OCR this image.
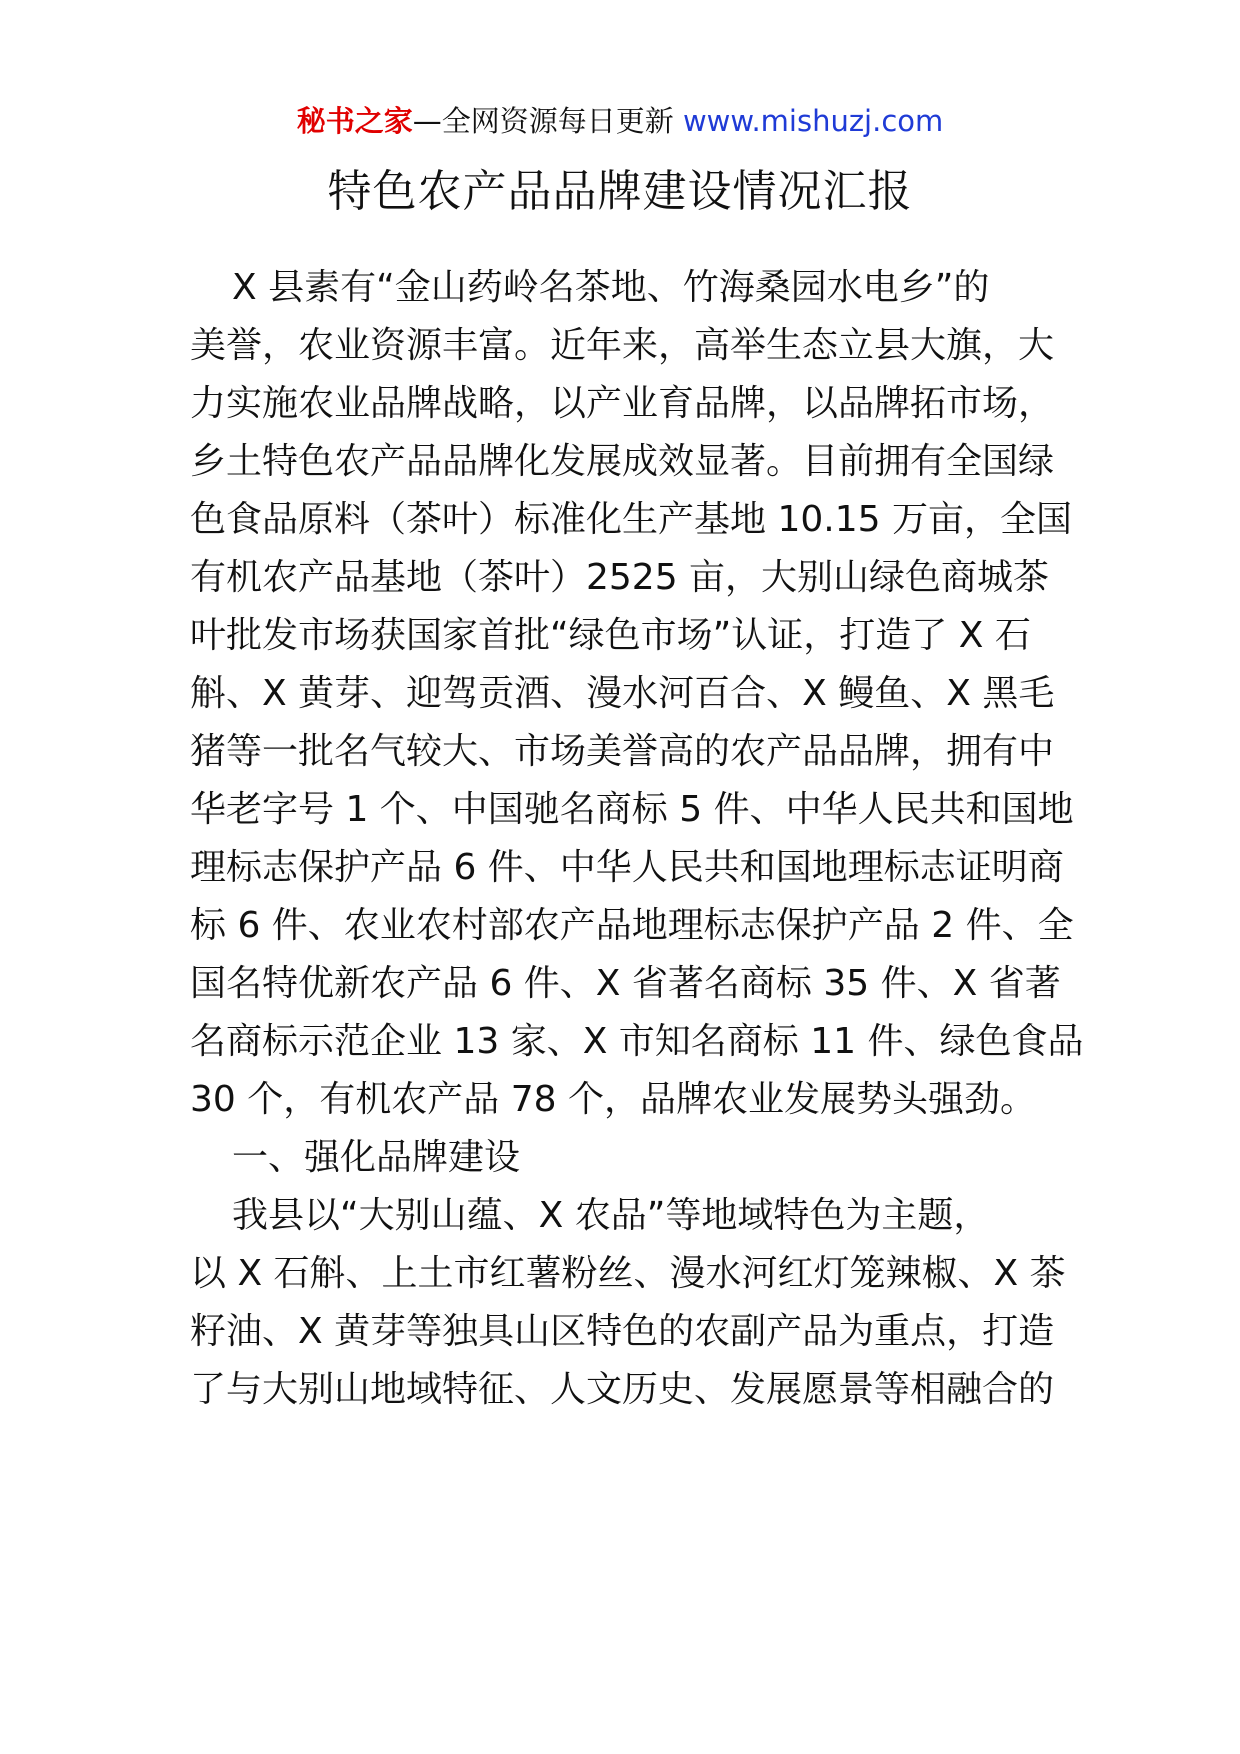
秘书之家—全网资源每日更新 www.mishuzj.com
特色农产品品牌建设情况汇报
X 县素有“金山药岭名茶地、竹海桑园水电乡”的
美誉，农业资源丰富。近年来，高举生态立县大旗，大
力实施农业品牌战略，以产业育品牌，以品牌拓市场，
乡土特色农产品品牌化发展成效显著。目前拥有全国绿
色食品原料（茶叶）标准化生产基地 10.15 万亩，全国
有机农产品基地（茶叶）2525 亩，大别山绿色商城茶
叶批发市场获国家首批“绿色市场”认证，打造了 X 石
斛、X 黄芽、迎驾贡酒、漫水河百合、X 鳗鱼、X 黑毛
猪等一批名气较大、市场美誉高的农产品品牌，拥有中
华老字号 1 个、中国驰名商标 5 件、中华人民共和国地
理标志保护产品 6 件、中华人民共和国地理标志证明商
标 6 件、农业农村部农产品地理标志保护产品 2 件、全
国名特优新农产品 6 件、X 省著名商标 35 件、X 省著
名商标示范企业 13 家、X 市知名商标 11 件、绿色食品
30 个，有机农产品 78 个，品牌农业发展势头强劲。
一、强化品牌建设
我县以“大别山蕴、X 农品”等地域特色为主题，
以 X 石斛、上土市红薯粉丝、漫水河红灯笼辣椒、X 茶
籽油、X 黄芽等独具山区特色的农副产品为重点，打造
了与大别山地域特征、人文历史、发展愿景等相融合的
